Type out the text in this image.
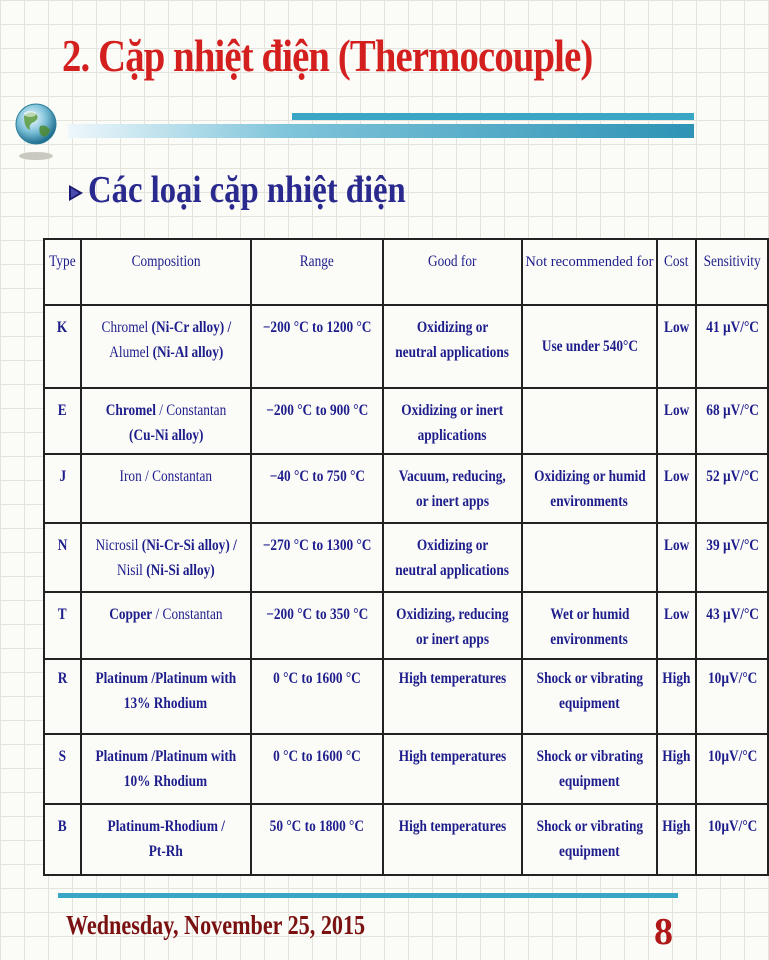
2. Cặp nhiệt điện (Thermocouple)
Các loại cặp nhiệt điện
Type	Composition	Range	Good for	Not recommended for	Cost	Sensitivity
K	Chromel (Ni-Cr alloy) /
Alumel (Ni-Al alloy)	−200 °C to 1200 °C	Oxidizing or
neutral applications	Use under 540°C	Low	41 µV/°C
E	Chromel / Constantan
(Cu-Ni alloy)	−200 °C to 900 °C	Oxidizing or inert
applications		Low	68 µV/°C
J	Iron / Constantan	−40 °C to 750 °C	Vacuum, reducing,
or inert apps	Oxidizing or humid
environments	Low	52 µV/°C
N	Nicrosil (Ni-Cr-Si alloy) /
Nisil (Ni-Si alloy)	−270 °C to 1300 °C	Oxidizing or
neutral applications		Low	39 µV/°C
T	Copper / Constantan	−200 °C to 350 °C	Oxidizing, reducing
or inert apps	Wet or humid
environments	Low	43 µV/°C
R	Platinum /Platinum with
13% Rhodium	0 °C to 1600 °C	High temperatures	Shock or vibrating
equipment	High	10µV/°C
S	Platinum /Platinum with
10% Rhodium	0 °C to 1600 °C	High temperatures	Shock or vibrating
equipment	High	10µV/°C
B	Platinum-Rhodium /
Pt-Rh	50 °C to 1800 °C	High temperatures	Shock or vibrating
equipment	High	10µV/°C
Wednesday, November 25, 2015	8
